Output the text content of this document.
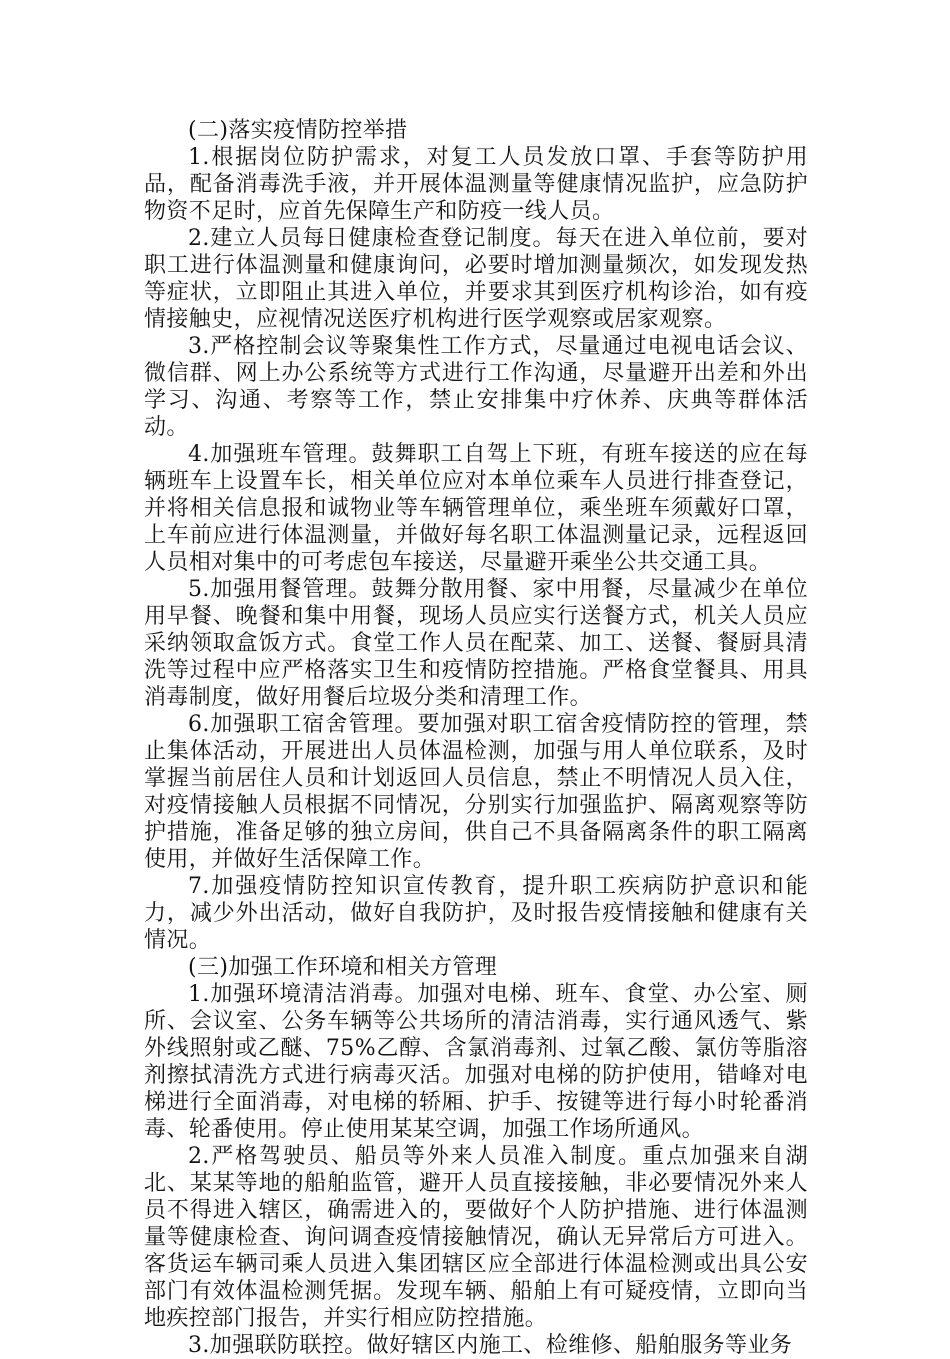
(二)落实疫情防控举措

1.根据岗位防护需求，对复工人员发放口罩、手套等防护用品，配备消毒洗手液，并开展体温测量等健康情况监护，应急防护物资不足时，应首先保障生产和防疫一线人员。

2.建立人员每日健康检查登记制度。每天在进入单位前，要对职工进行体温测量和健康询问，必要时增加测量频次，如发现发热等症状，立即阻止其进入单位，并要求其到医疗机构诊治，如有疫情接触史，应视情况送医疗机构进行医学观察或居家观察。

3.严格控制会议等聚集性工作方式，尽量通过电视电话会议、微信群、网上办公系统等方式进行工作沟通，尽量避开出差和外出学习、沟通、考察等工作，禁止安排集中疗休养、庆典等群体活动。

4.加强班车管理。鼓舞职工自驾上下班，有班车接送的应在每辆班车上设置车长，相关单位应对本单位乘车人员进行排查登记，并将相关信息报和诚物业等车辆管理单位，乘坐班车须戴好口罩，上车前应进行体温测量，并做好每名职工体温测量记录，远程返回人员相对集中的可考虑包车接送，尽量避开乘坐公共交通工具。

5.加强用餐管理。鼓舞分散用餐、家中用餐，尽量减少在单位用早餐、晚餐和集中用餐，现场人员应实行送餐方式，机关人员应采纳领取盒饭方式。食堂工作人员在配菜、加工、送餐、餐厨具清洗等过程中应严格落实卫生和疫情防控措施。严格食堂餐具、用具消毒制度，做好用餐后垃圾分类和清理工作。

6.加强职工宿舍管理。要加强对职工宿舍疫情防控的管理，禁止集体活动，开展进出人员体温检测，加强与用人单位联系，及时掌握当前居住人员和计划返回人员信息，禁止不明情况人员入住，对疫情接触人员根据不同情况，分别实行加强监护、隔离观察等防护措施，准备足够的独立房间，供自己不具备隔离条件的职工隔离使用，并做好生活保障工作。

7.加强疫情防控知识宣传教育，提升职工疾病防护意识和能力，减少外出活动，做好自我防护，及时报告疫情接触和健康有关情况。

(三)加强工作环境和相关方管理

1.加强环境清洁消毒。加强对电梯、班车、食堂、办公室、厕所、会议室、公务车辆等公共场所的清洁消毒，实行通风透气、紫外线照射或乙醚、75%乙醇、含氯消毒剂、过氧乙酸、氯仿等脂溶剂擦拭清洗方式进行病毒灭活。加强对电梯的防护使用，错峰对电梯进行全面消毒，对电梯的轿厢、护手、按键等进行每小时轮番消毒、轮番使用。停止使用某某空调，加强工作场所通风。

2.严格驾驶员、船员等外来人员准入制度。重点加强来自湖北、某某等地的船舶监管，避开人员直接接触，非必要情况外来人员不得进入辖区，确需进入的，要做好个人防护措施、进行体温测量等健康检查、询问调查疫情接触情况，确认无异常后方可进入。客货运车辆司乘人员进入集团辖区应全部进行体温检测或出具公安部门有效体温检测凭据。发现车辆、船舶上有可疑疫情，立即向当地疾控部门报告，并实行相应防控措施。

3.加强联防联控。做好辖区内施工、检维修、船舶服务等业务
